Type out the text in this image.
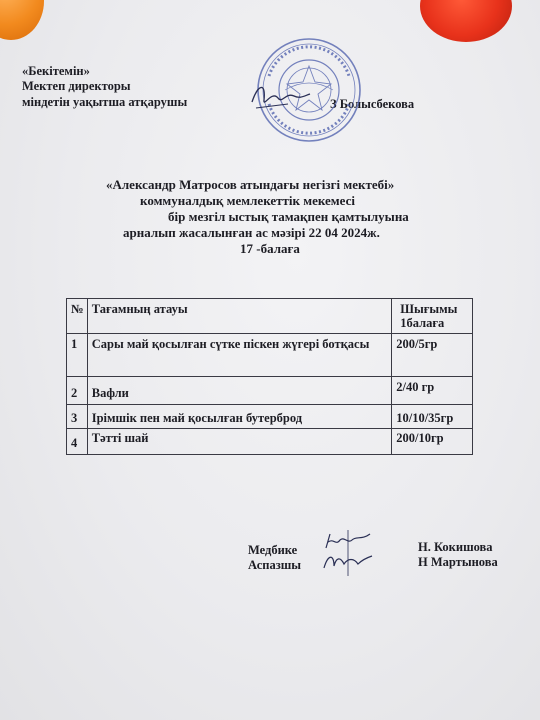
«Бекітемін»
Мектеп директоры
міндетін уақытша атқарушы	З Болысбекова
«Александр Матросов атындағы негізгі мектебі»
коммуналдық мемлекеттік мекемесі
бір мезгіл ыстық тамақпен қамтылуына
арналып жасалынған ас мәзірі 22 04 2024ж.
17 -балаға
№	Тағамның атауы	Шығымы 1балаға
1	Сары май қосылған сүтке піскен жүгері ботқасы	200/5гр
2	Вафли	2/40 гр
3	Ірімшік пен май қосылған бутерброд	10/10/35гр
4	Тәтті шай	200/10гр
Медбике
Аспазшы
Н. Кокишова
Н Мартынова
